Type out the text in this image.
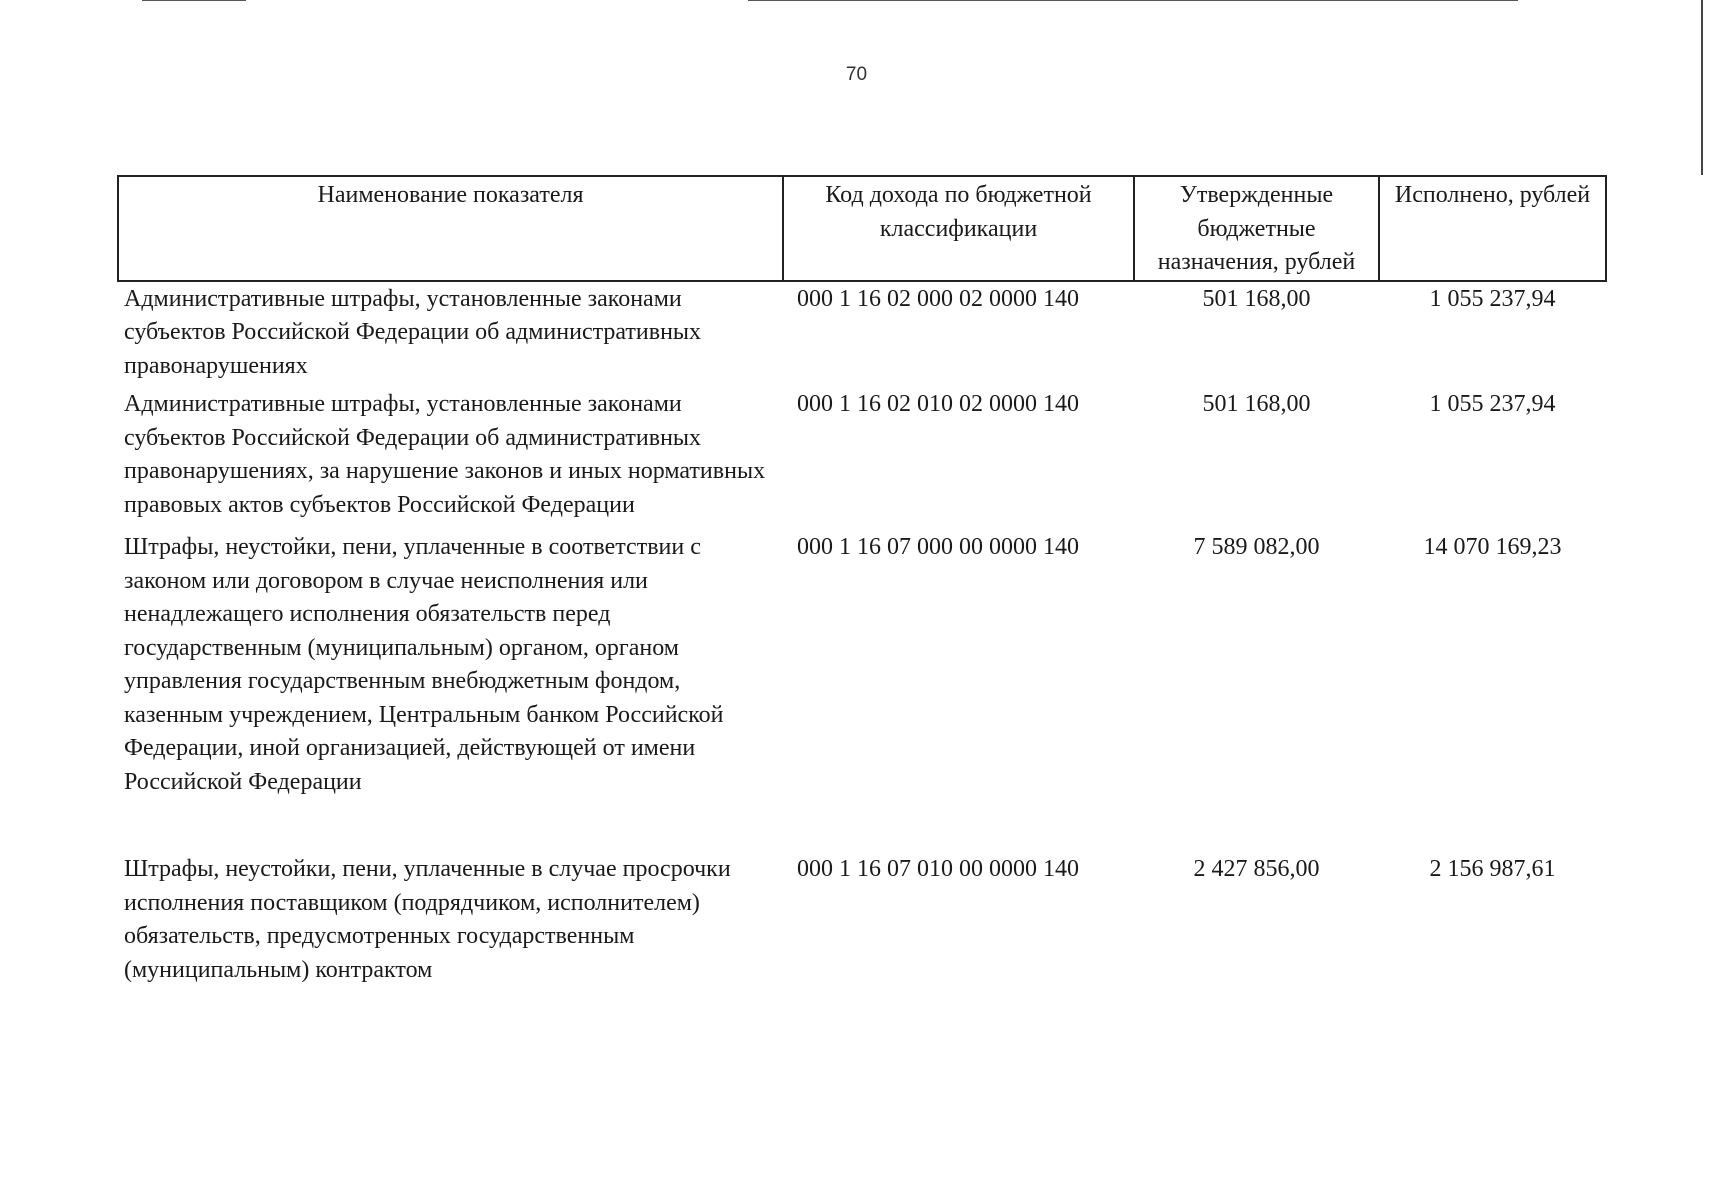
70
Наименование показателя	Код дохода по бюджетной классификации	Утвержденные бюджетные назначения, рублей	Исполнено, рублей
Административные штрафы, установленные законами субъектов Российской Федерации об административных правонарушениях	000 1 16 02 000 02 0000 140	501 168,00	1 055 237,94
Административные штрафы, установленные законами субъектов Российской Федерации об административных правонарушениях, за нарушение законов и иных нормативных правовых актов субъектов Российской Федерации	000 1 16 02 010 02 0000 140	501 168,00	1 055 237,94
Штрафы, неустойки, пени, уплаченные в соответствии с законом или договором в случае неисполнения или ненадлежащего исполнения обязательств перед государственным (муниципальным) органом, органом управления государственным внебюджетным фондом, казенным учреждением, Центральным банком Российской Федерации, иной организацией, действующей от имени Российской Федерации	000 1 16 07 000 00 0000 140	7 589 082,00	14 070 169,23
Штрафы, неустойки, пени, уплаченные в случае просрочки исполнения поставщиком (подрядчиком, исполнителем) обязательств, предусмотренных государственным (муниципальным) контрактом	000 1 16 07 010 00 0000 140	2 427 856,00	2 156 987,61
